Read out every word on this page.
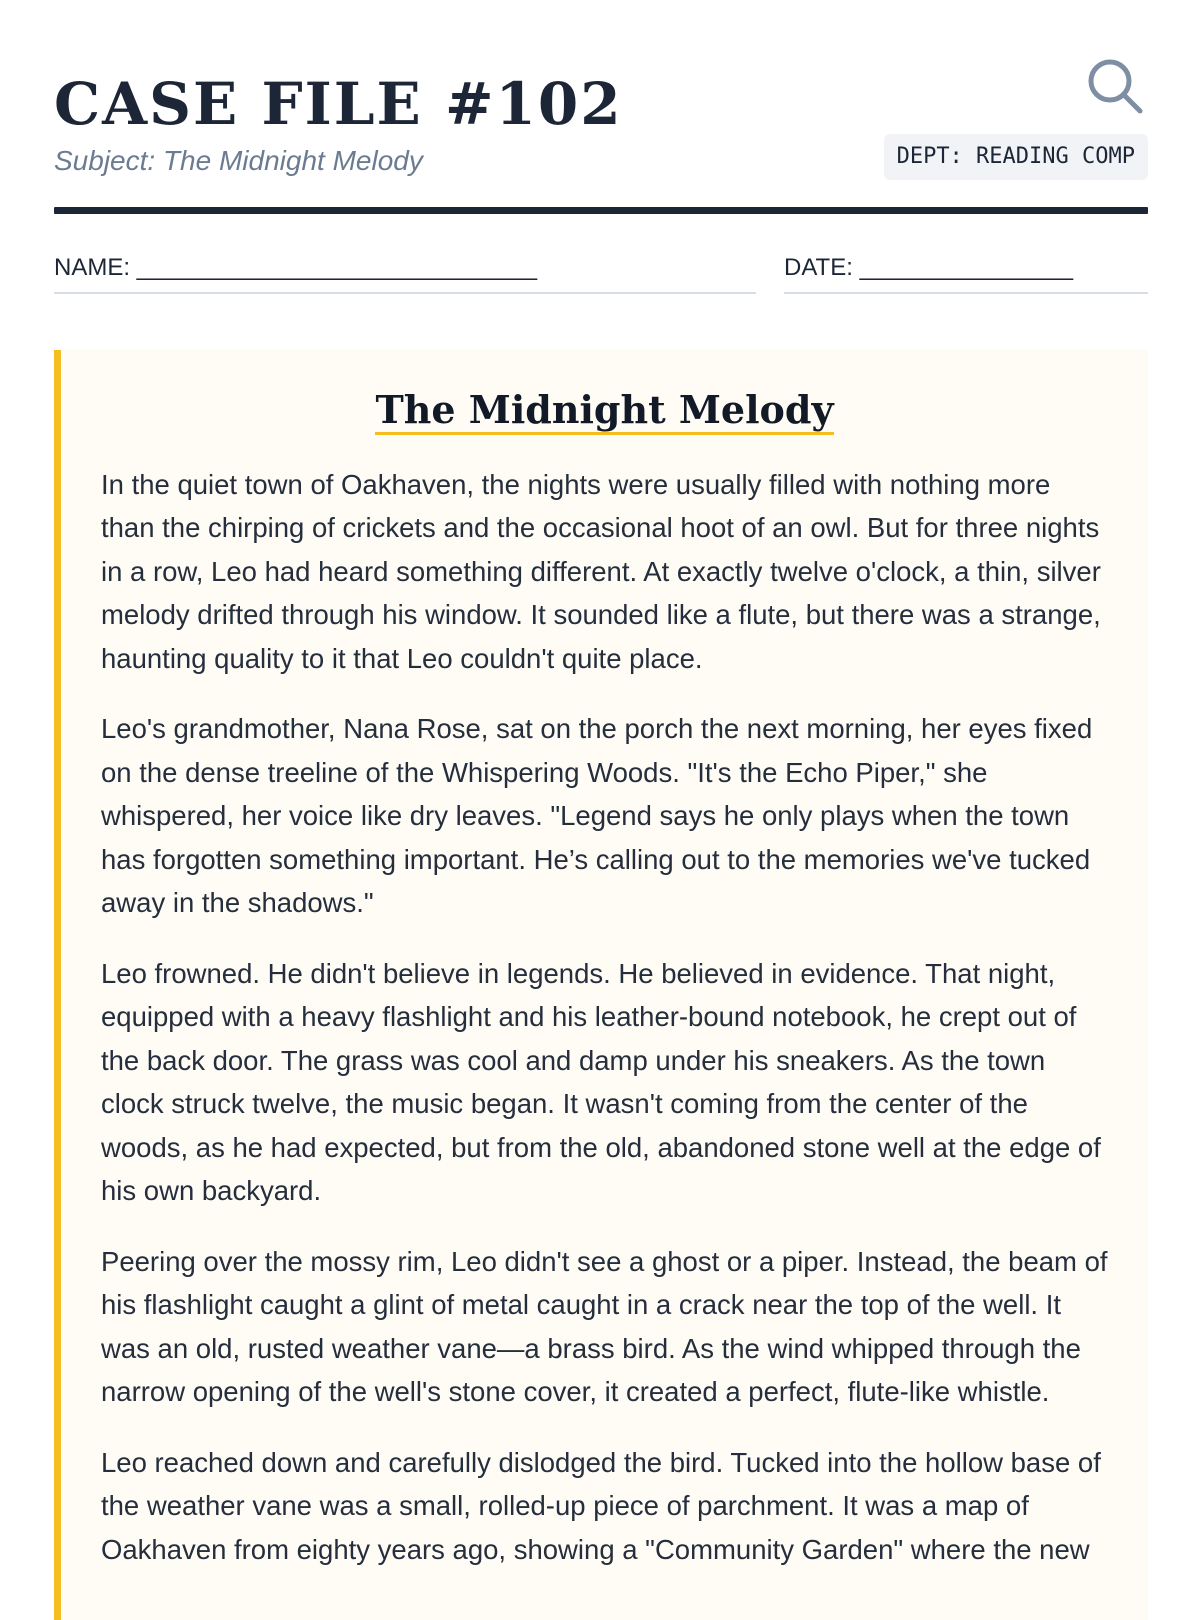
CASE FILE #102

Subject: The Midnight Melody	DEPT: READING COMP
NAME: ______________________________	DATE: ________________
The Midnight Melody

In the quiet town of Oakhaven, the nights were usually filled with nothing more than the chirping of crickets and the occasional hoot of an owl. But for three nights in a row, Leo had heard something different. At exactly twelve o'clock, a thin, silver melody drifted through his window. It sounded like a flute, but there was a strange, haunting quality to it that Leo couldn't quite place.

Leo's grandmother, Nana Rose, sat on the porch the next morning, her eyes fixed on the dense treeline of the Whispering Woods. "It's the Echo Piper," she whispered, her voice like dry leaves. "Legend says he only plays when the town has forgotten something important. He’s calling out to the memories we've tucked away in the shadows."

Leo frowned. He didn't believe in legends. He believed in evidence. That night, equipped with a heavy flashlight and his leather-bound notebook, he crept out of the back door. The grass was cool and damp under his sneakers. As the town clock struck twelve, the music began. It wasn't coming from the center of the woods, as he had expected, but from the old, abandoned stone well at the edge of his own backyard.

Peering over the mossy rim, Leo didn't see a ghost or a piper. Instead, the beam of his flashlight caught a glint of metal caught in a crack near the top of the well. It was an old, rusted weather vane—a brass bird. As the wind whipped through the narrow opening of the well's stone cover, it created a perfect, flute-like whistle.

Leo reached down and carefully dislodged the bird. Tucked into the hollow base of the weather vane was a small, rolled-up piece of parchment. It was a map of Oakhaven from eighty years ago, showing a "Community Garden" where the new
